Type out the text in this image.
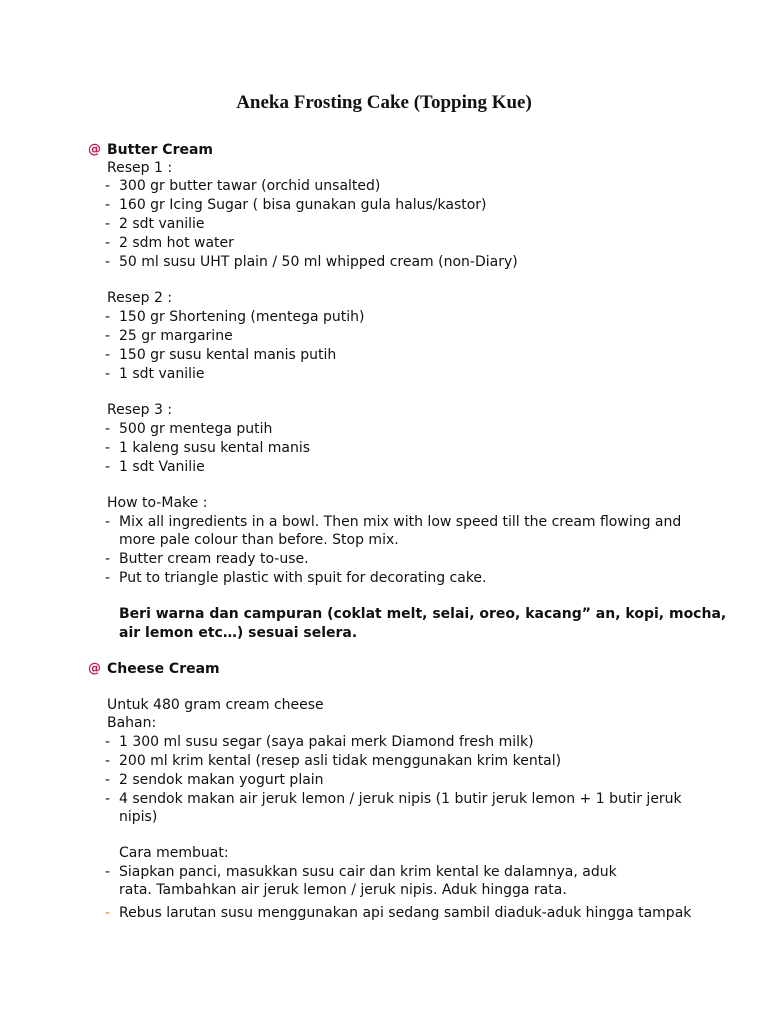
Aneka Frosting Cake (Topping Kue)
@ Butter Cream
Resep 1 :
- 300 gr butter tawar (orchid unsalted)
- 160 gr Icing Sugar ( bisa gunakan gula halus/kastor)
- 2 sdt vanilie
- 2 sdm hot water
- 50 ml susu UHT plain / 50 ml whipped cream (non-Diary)
Resep 2 :
- 150 gr Shortening (mentega putih)
- 25 gr margarine
- 150 gr susu kental manis putih
- 1 sdt vanilie
Resep 3 :
- 500 gr mentega putih
- 1 kaleng susu kental manis
- 1 sdt Vanilie
How to-Make :
- Mix all ingredients in a bowl. Then mix with low speed till the cream flowing and
more pale colour than before. Stop mix.
- Butter cream ready to-use.
- Put to triangle plastic with spuit for decorating cake.
Beri warna dan campuran (coklat melt, selai, oreo, kacang” an, kopi, mocha,
air lemon etc…) sesuai selera.
@ Cheese Cream
Untuk 480 gram cream cheese
Bahan:
- 1 300 ml susu segar (saya pakai merk Diamond fresh milk)
- 200 ml krim kental (resep asli tidak menggunakan krim kental)
- 2 sendok makan yogurt plain
- 4 sendok makan air jeruk lemon / jeruk nipis (1 butir jeruk lemon + 1 butir jeruk
nipis)
Cara membuat:
- Siapkan panci, masukkan susu cair dan krim kental ke dalamnya, aduk
rata. Tambahkan air jeruk lemon / jeruk nipis. Aduk hingga rata.
- Rebus larutan susu menggunakan api sedang sambil diaduk-aduk hingga tampak
